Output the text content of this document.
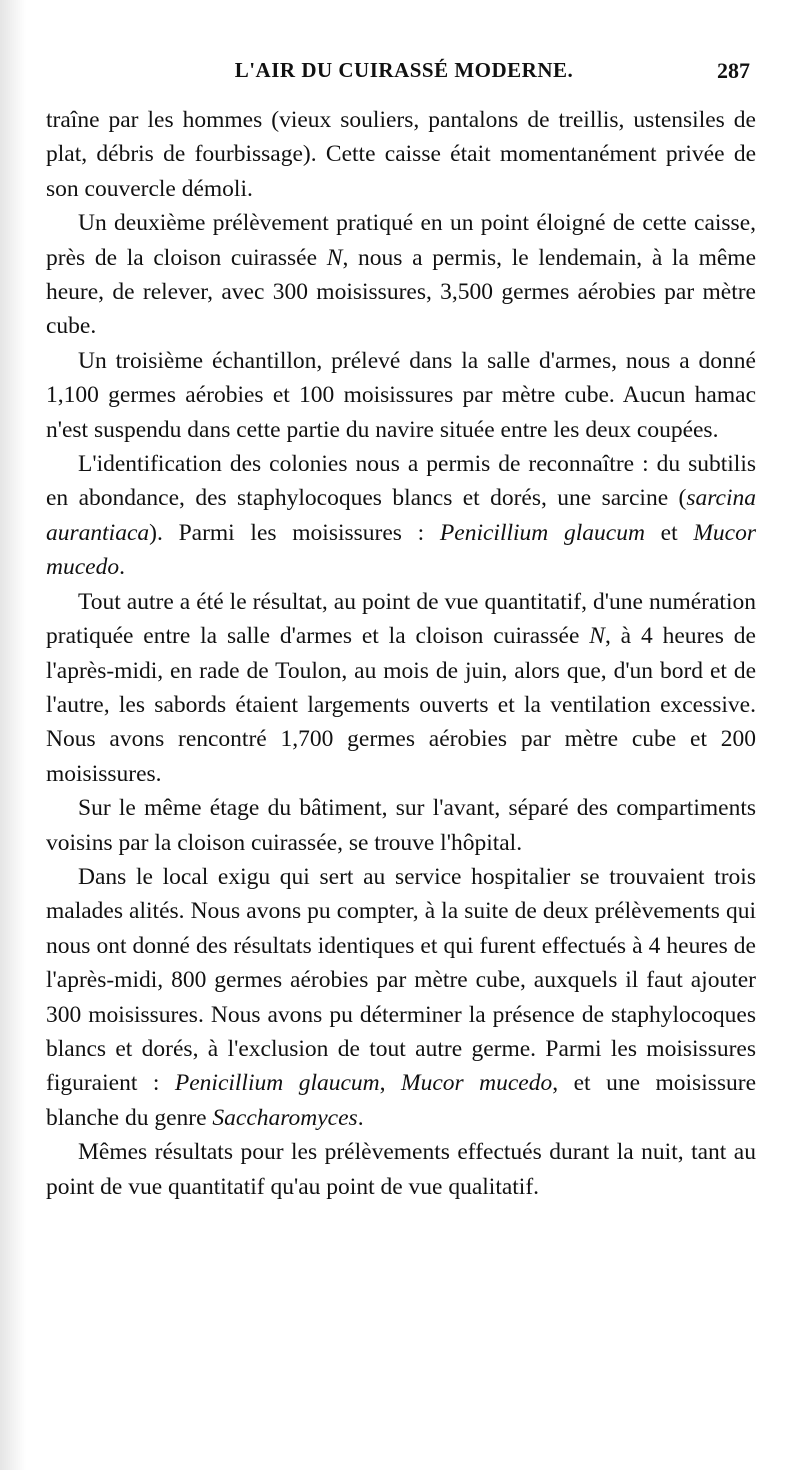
L'AIR DU CUIRASSÉ MODERNE.	287

traîne par les hommes (vieux souliers, pantalons de treillis, ustensiles de plat, débris de fourbissage). Cette caisse était momentanément privée de son couvercle démoli.

Un deuxième prélèvement pratiqué en un point éloigné de cette caisse, près de la cloison cuirassée N, nous a permis, le lendemain, à la même heure, de relever, avec 300 moisissures, 3,500 germes aérobies par mètre cube.

Un troisième échantillon, prélevé dans la salle d'armes, nous a donné 1,100 germes aérobies et 100 moisissures par mètre cube. Aucun hamac n'est suspendu dans cette partie du navire située entre les deux coupées.

L'identification des colonies nous a permis de reconnaître : du subtilis en abondance, des staphylocoques blancs et dorés, une sarcine (sarcina aurantiaca). Parmi les moisissures : Penicillium glaucum et Mucor mucedo.

Tout autre a été le résultat, au point de vue quantitatif, d'une numération pratiquée entre la salle d'armes et la cloison cuirassée N, à 4 heures de l'après-midi, en rade de Toulon, au mois de juin, alors que, d'un bord et de l'autre, les sabords étaient largements ouverts et la ventilation excessive. Nous avons rencontré 1,700 germes aérobies par mètre cube et 200 moisissures.

Sur le même étage du bâtiment, sur l'avant, séparé des compartiments voisins par la cloison cuirassée, se trouve l'hôpital.

Dans le local exigu qui sert au service hospitalier se trouvaient trois malades alités. Nous avons pu compter, à la suite de deux prélèvements qui nous ont donné des résultats identiques et qui furent effectués à 4 heures de l'après-midi, 800 germes aérobies par mètre cube, auxquels il faut ajouter 300 moisissures. Nous avons pu déterminer la présence de staphylocoques blancs et dorés, à l'exclusion de tout autre germe. Parmi les moisissures figuraient : Penicillium glaucum, Mucor mucedo, et une moisissure blanche du genre Saccharomyces.

Mêmes résultats pour les prélèvements effectués durant la nuit, tant au point de vue quantitatif qu'au point de vue qualitatif.
